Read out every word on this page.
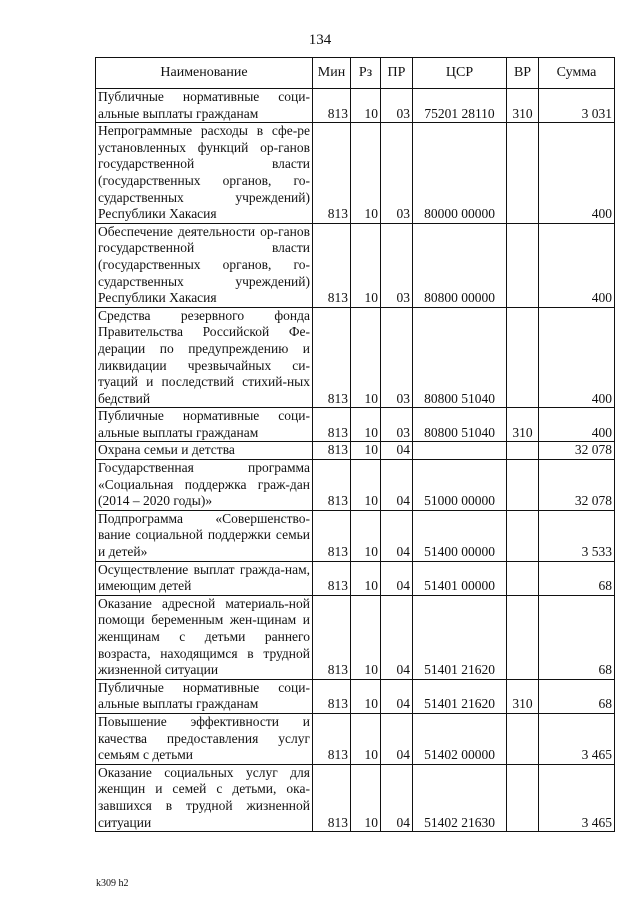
134
Наименование	Мин	Рз	ПР	ЦСР	ВР	Сумма
Публичные нормативные соци-альные выплаты гражданам	813	10	03	75201 28110	310	3 031
Непрограммные расходы в сфе-ре установленных функций ор-ганов государственной власти (государственных органов, го-сударственных учреждений) Республики Хакасия	813	10	03	80000 00000		400
Обеспечение деятельности ор-ганов государственной власти (государственных органов, го-сударственных учреждений) Республики Хакасия	813	10	03	80800 00000		400
Средства резервного фонда Правительства Российской Фе-дерации по предупреждению и ликвидации чрезвычайных си-туаций и последствий стихий-ных бедствий	813	10	03	80800 51040		400
Публичные нормативные соци-альные выплаты гражданам	813	10	03	80800 51040	310	400
Охрана семьи и детства	813	10	04			32 078
Государственная программа «Социальная поддержка граж-дан (2014 – 2020 годы)»	813	10	04	51000 00000		32 078
Подпрограмма «Совершенство-вание социальной поддержки семьи и детей»	813	10	04	51400 00000		3 533
Осуществление выплат гражда-нам, имеющим детей	813	10	04	51401 00000		68
Оказание адресной материаль-ной помощи беременным жен-щинам и женщинам с детьми раннего возраста, находящимся в трудной жизненной ситуации	813	10	04	51401 21620		68
Публичные нормативные соци-альные выплаты гражданам	813	10	04	51401 21620	310	68
Повышение эффективности и качества предоставления услуг семьям с детьми	813	10	04	51402 00000		3 465
Оказание социальных услуг для женщин и семей с детьми, ока-завшихся в трудной жизненной ситуации	813	10	04	51402 21630		3 465
k309 h2
